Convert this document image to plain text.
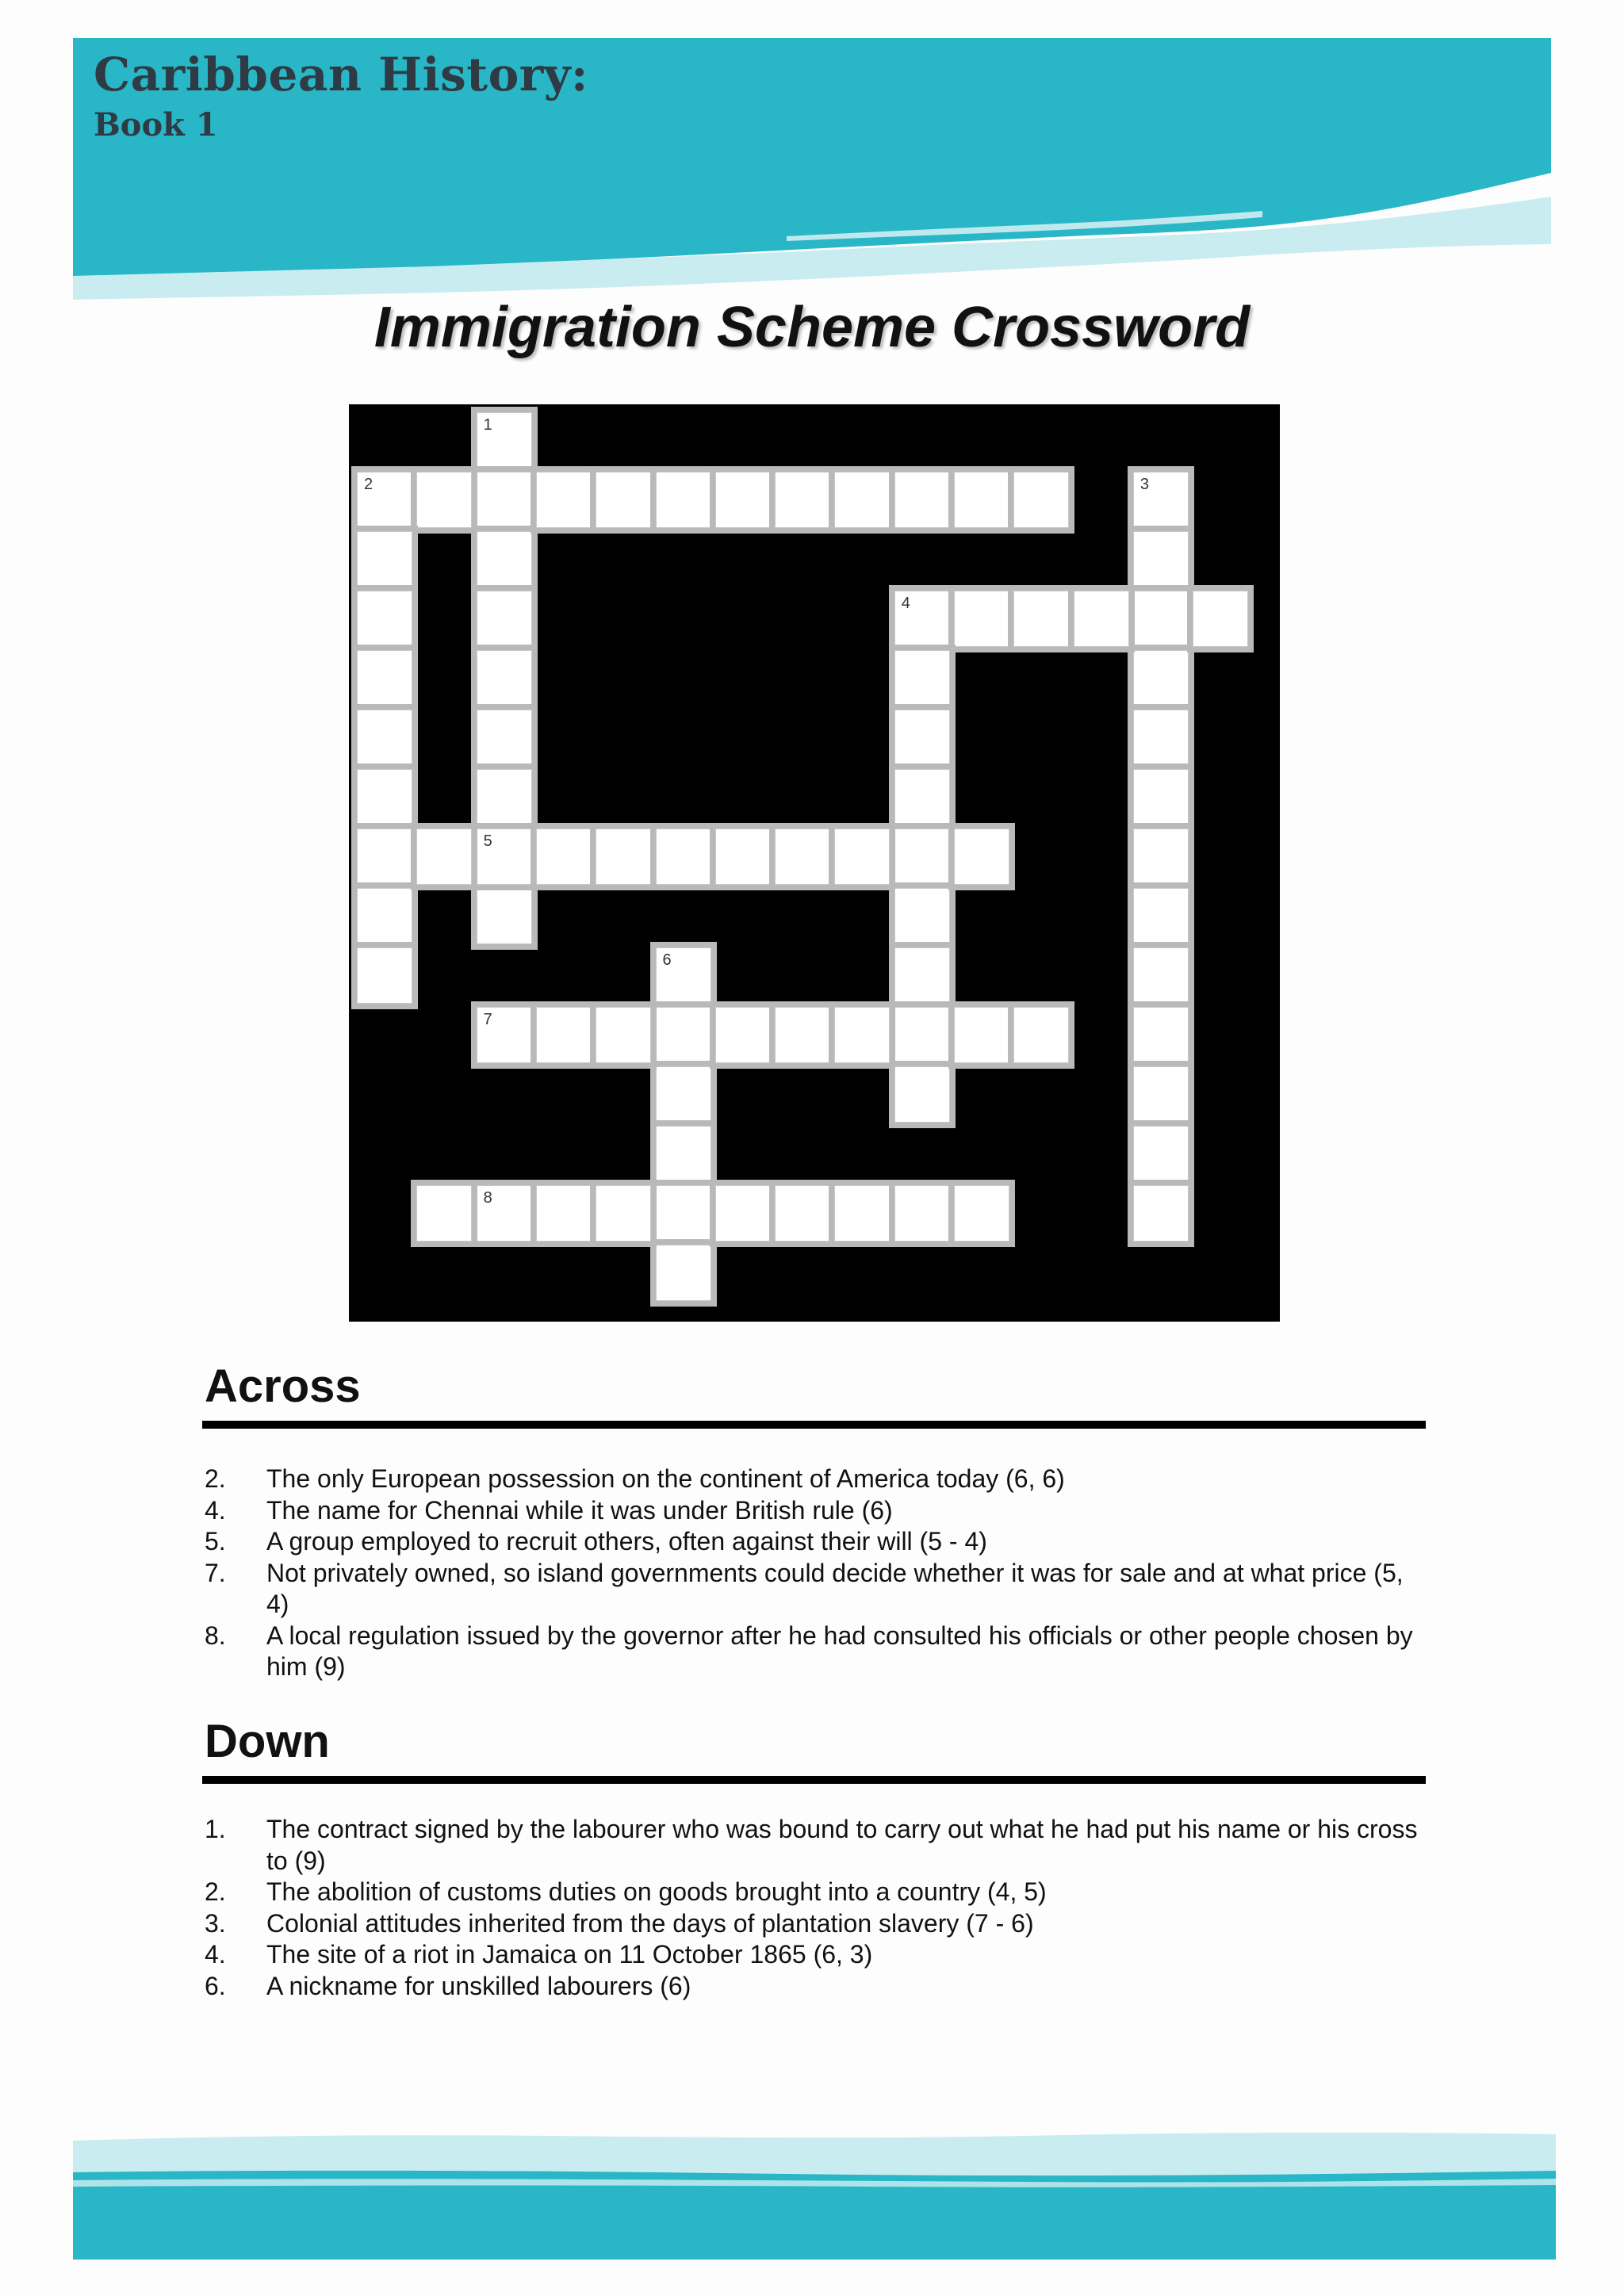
Caribbean History:
Book 1
Immigration Scheme Crossword
1
2	3
4
5
6
7
8
Across
2.	The only European possession on the continent of America today (6, 6)
4.	The name for Chennai while it was under British rule (6)
5.	A group employed to recruit others, often against their will (5 - 4)
7.	Not privately owned, so island governments could decide whether it was for sale and at what price (5, 4)
8.	A local regulation issued by the governor after he had consulted his officials or other people chosen by him (9)
Down
1.	The contract signed by the labourer who was bound to carry out what he had put his name or his cross to (9)
2.	The abolition of customs duties on goods brought into a country (4, 5)
3.	Colonial attitudes inherited from the days of plantation slavery (7 - 6)
4.	The site of a riot in Jamaica on 11 October 1865 (6, 3)
6.	A nickname for unskilled labourers (6)
